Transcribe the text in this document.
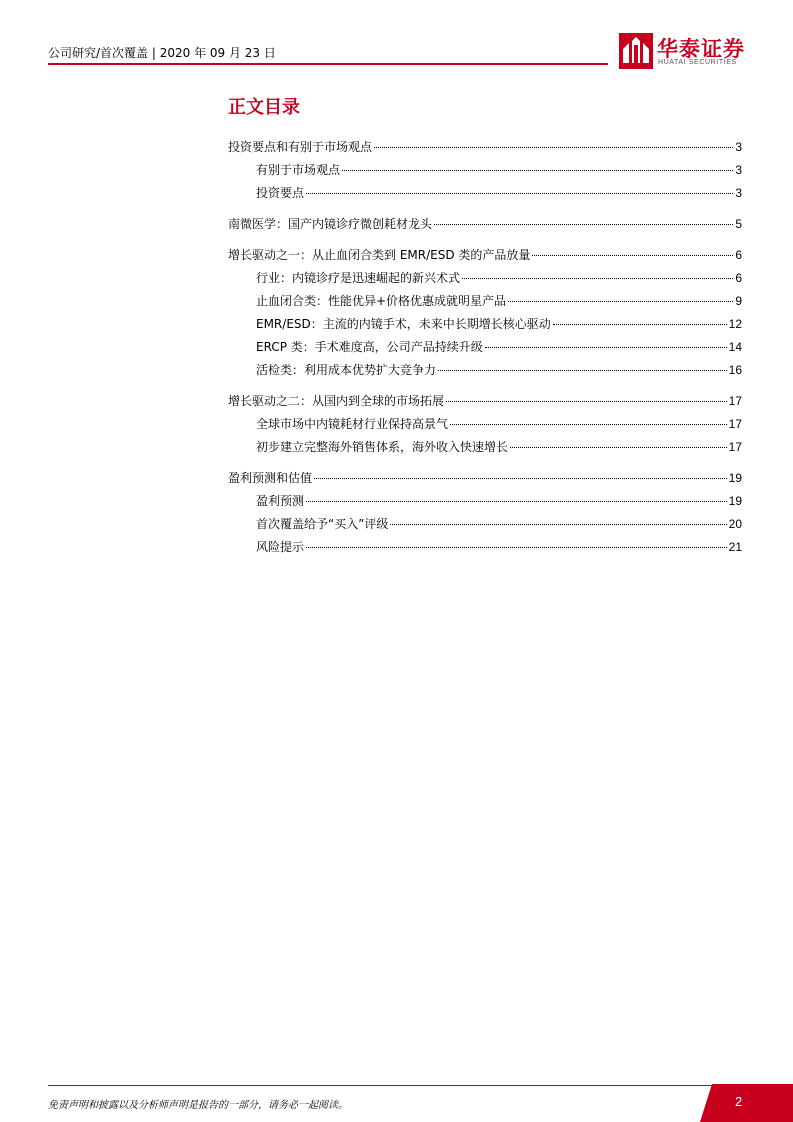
公司研究/首次覆盖 | 2020 年 09 月 23 日	华泰证券
HUATAI SECURITIES
正文目录
投资要点和有别于市场观点	3
有别于市场观点	3
投资要点	3
南微医学：国产内镜诊疗微创耗材龙头	5
增长驱动之一：从止血闭合类到 EMR/ESD 类的产品放量	6
行业：内镜诊疗是迅速崛起的新兴术式	6
止血闭合类：性能优异+价格优惠成就明星产品	9
EMR/ESD：主流的内镜手术，未来中长期增长核心驱动	12
ERCP 类：手术难度高，公司产品持续升级	14
活检类：利用成本优势扩大竞争力	16
增长驱动之二：从国内到全球的市场拓展	17
全球市场中内镜耗材行业保持高景气	17
初步建立完整海外销售体系，海外收入快速增长	17
盈利预测和估值	19
盈利预测	19
首次覆盖给予“买入”评级	20
风险提示	21
免责声明和披露以及分析师声明是报告的一部分，请务必一起阅读。	2
